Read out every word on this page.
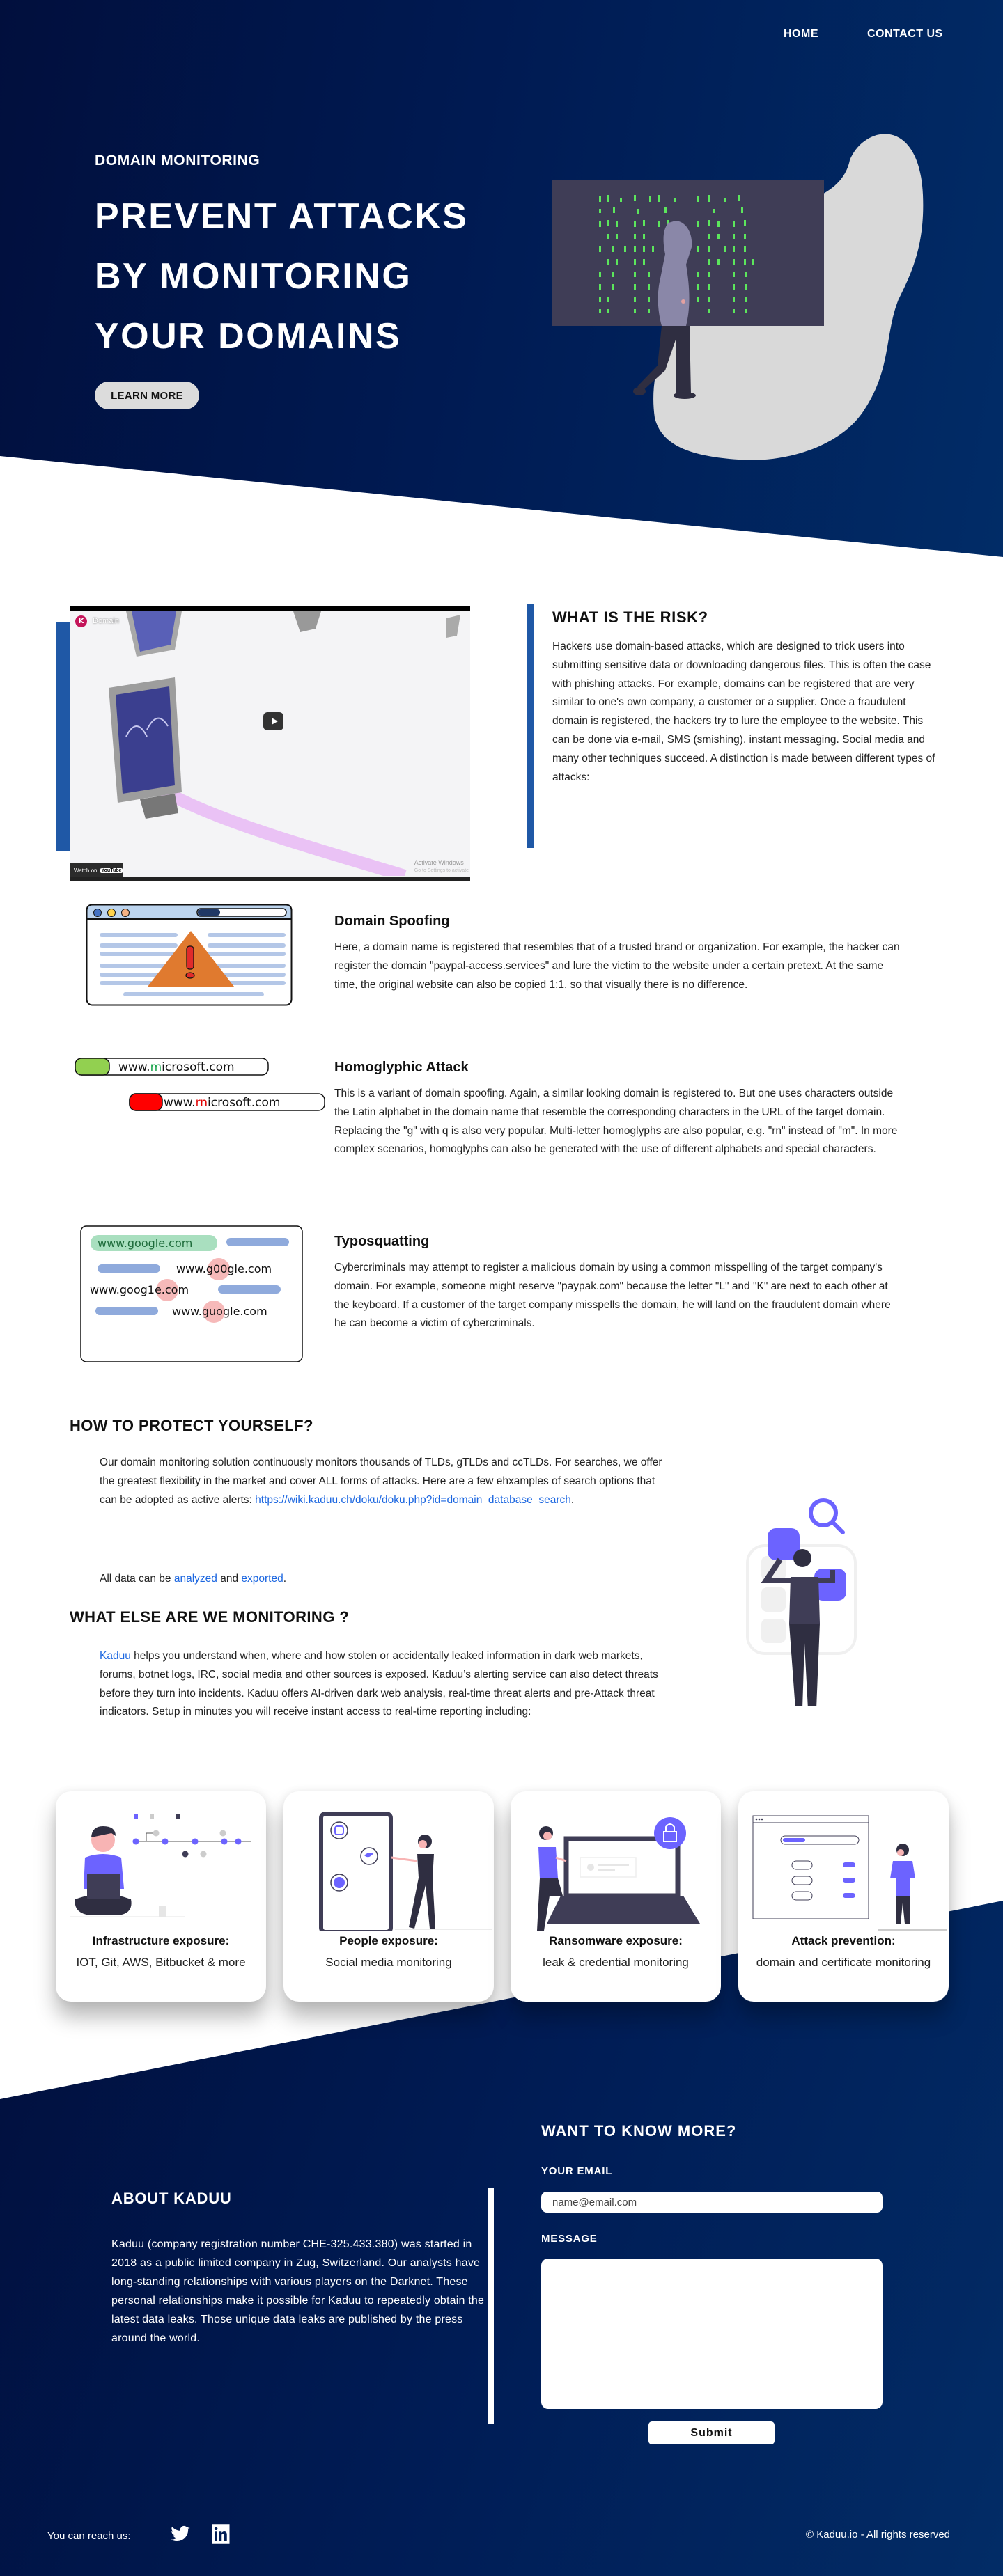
HOME	CONTACT US
DOMAIN MONITORING
PREVENT ATTACKS
BY MONITORING
YOUR DOMAINS
LEARN MORE
K	Domain
Watch on YouTube
Activate Windows
Go to Settings to activate
WHAT IS THE RISK?

Hackers use domain-based attacks, which are designed to trick users into submitting sensitive data or downloading dangerous files. This is often the case with phishing attacks. For example, domains can be registered that are very similar to one's own company, a customer or a supplier. Once a fraudulent domain is registered, the hackers try to lure the employee to the website. This can be done via e-mail, SMS (smishing), instant messaging. Social media and many other techniques succeed. A distinction is made between different types of attacks:

Domain Spoofing

Here, a domain name is registered that resembles that of a trusted brand or organization. For example, the hacker can register the domain "paypal-access.services" and lure the victim to the website under a certain pretext. At the same time, the original website can also be copied 1:1, so that visually there is no difference.

www.microsoft.com
www.rnicrosoft.com
Homoglyphic Attack

This is a variant of domain spoofing. Again, a similar looking domain is registered to. But one uses characters outside the Latin alphabet in the domain name that resemble the corresponding characters in the URL of the target domain. Replacing the "g" with q is also very popular. Multi-letter homoglyphs are also popular, e.g. "rn" instead of "m". In more complex scenarios, homoglyphs can also be generated with the use of different alphabets and special characters.

www.google.com
www.g00gle.com
www.goog1e.com
www.guogle.com
Typosquatting

Cybercriminals may attempt to register a malicious domain by using a common misspelling of the target company's domain. For example, someone might reserve "paypak.com" because the letter "L" and "K" are next to each other at the keyboard. If a customer of the target company misspells the domain, he will land on the fraudulent domain where he can become a victim of cybercriminals.

HOW TO PROTECT YOURSELF?

Our domain monitoring solution continuously monitors thousands of TLDs, gTLDs and ccTLDs. For searches, we offer the greatest flexibility in the market and cover ALL forms of attacks. Here are a few ehxamples of search options that can be adopted as active alerts: https://wiki.kaduu.ch/doku/doku.php?id=domain_database_search.

All data can be analyzed and exported.

WHAT ELSE ARE WE MONITORING ?

Kaduu helps you understand when, where and how stolen or accidentally leaked information in dark web markets, forums, botnet logs, IRC, social media and other sources is exposed. Kaduu’s alerting service can also detect threats before they turn into incidents. Kaduu offers AI-driven dark web analysis, real-time threat alerts and pre-Attack threat indicators. Setup in minutes you will receive instant access to real-time reporting including:

Infrastructure exposure:
IOT, Git, AWS, Bitbucket & more
People exposure:
Social media monitoring
Ransomware exposure:
leak & credential monitoring
Attack prevention:
domain and certificate monitoring
WANT TO KNOW MORE?
ABOUT KADUU

Kaduu (company registration number CHE-325.433.380) was started in 2018 as a public limited company in Zug, Switzerland. Our analysts have long-standing relationships with various players on the Darknet. These personal relationships make it possible for Kaduu to repeatedly obtain the latest data leaks. Those unique data leaks are published by the press around the world.

YOUR EMAIL
name@email.com
MESSAGE
Submit
You can reach us:	© Kaduu.io - All rights reserved
